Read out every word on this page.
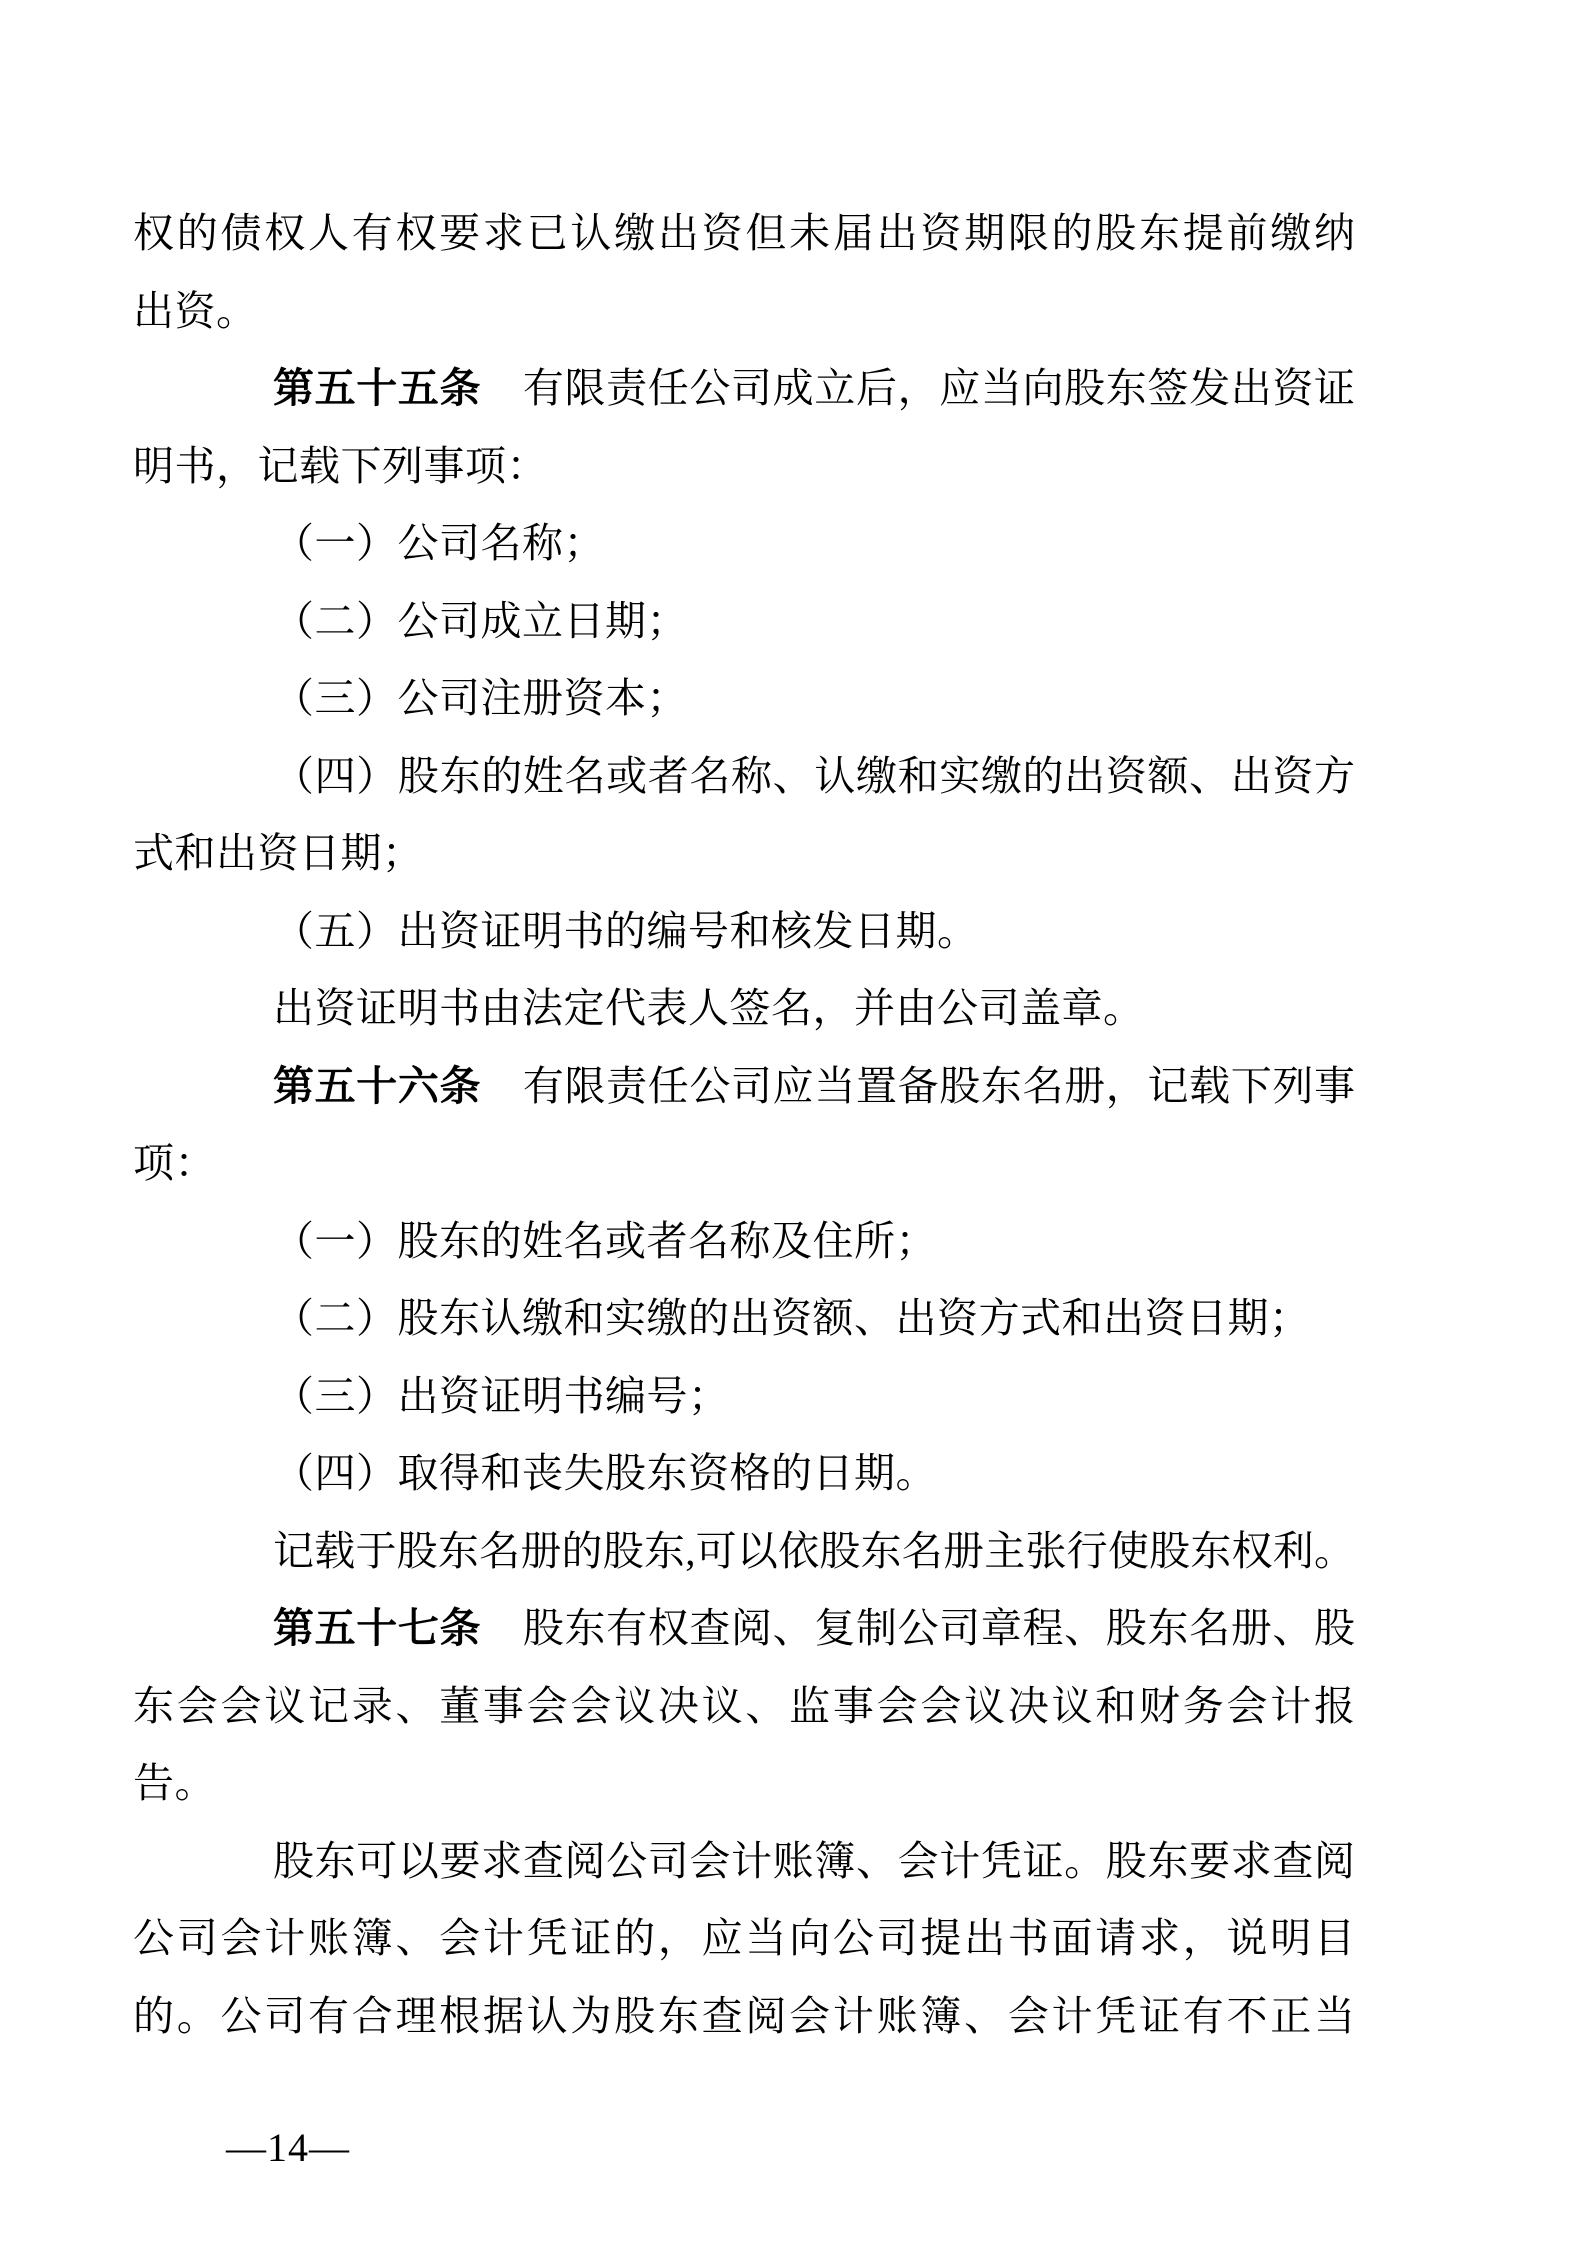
权的债权人有权要求已认缴出资但未届出资期限的股东提前缴纳
出资。
第五十五条　有限责任公司成立后，应当向股东签发出资证
明书，记载下列事项：
（一）公司名称；
（二）公司成立日期；
（三）公司注册资本；
（四）股东的姓名或者名称、认缴和实缴的出资额、出资方
式和出资日期；
（五）出资证明书的编号和核发日期。
出资证明书由法定代表人签名，并由公司盖章。
第五十六条　有限责任公司应当置备股东名册，记载下列事
项：
（一）股东的姓名或者名称及住所；
（二）股东认缴和实缴的出资额、出资方式和出资日期；
（三）出资证明书编号；
（四）取得和丧失股东资格的日期。
记载于股东名册的股东,可以依股东名册主张行使股东权利。
第五十七条　股东有权查阅、复制公司章程、股东名册、股
东会会议记录、董事会会议决议、监事会会议决议和财务会计报
告。
股东可以要求查阅公司会计账簿、会计凭证。股东要求查阅
公司会计账簿、会计凭证的，应当向公司提出书面请求，说明目
的。公司有合理根据认为股东查阅会计账簿、会计凭证有不正当
—14—
